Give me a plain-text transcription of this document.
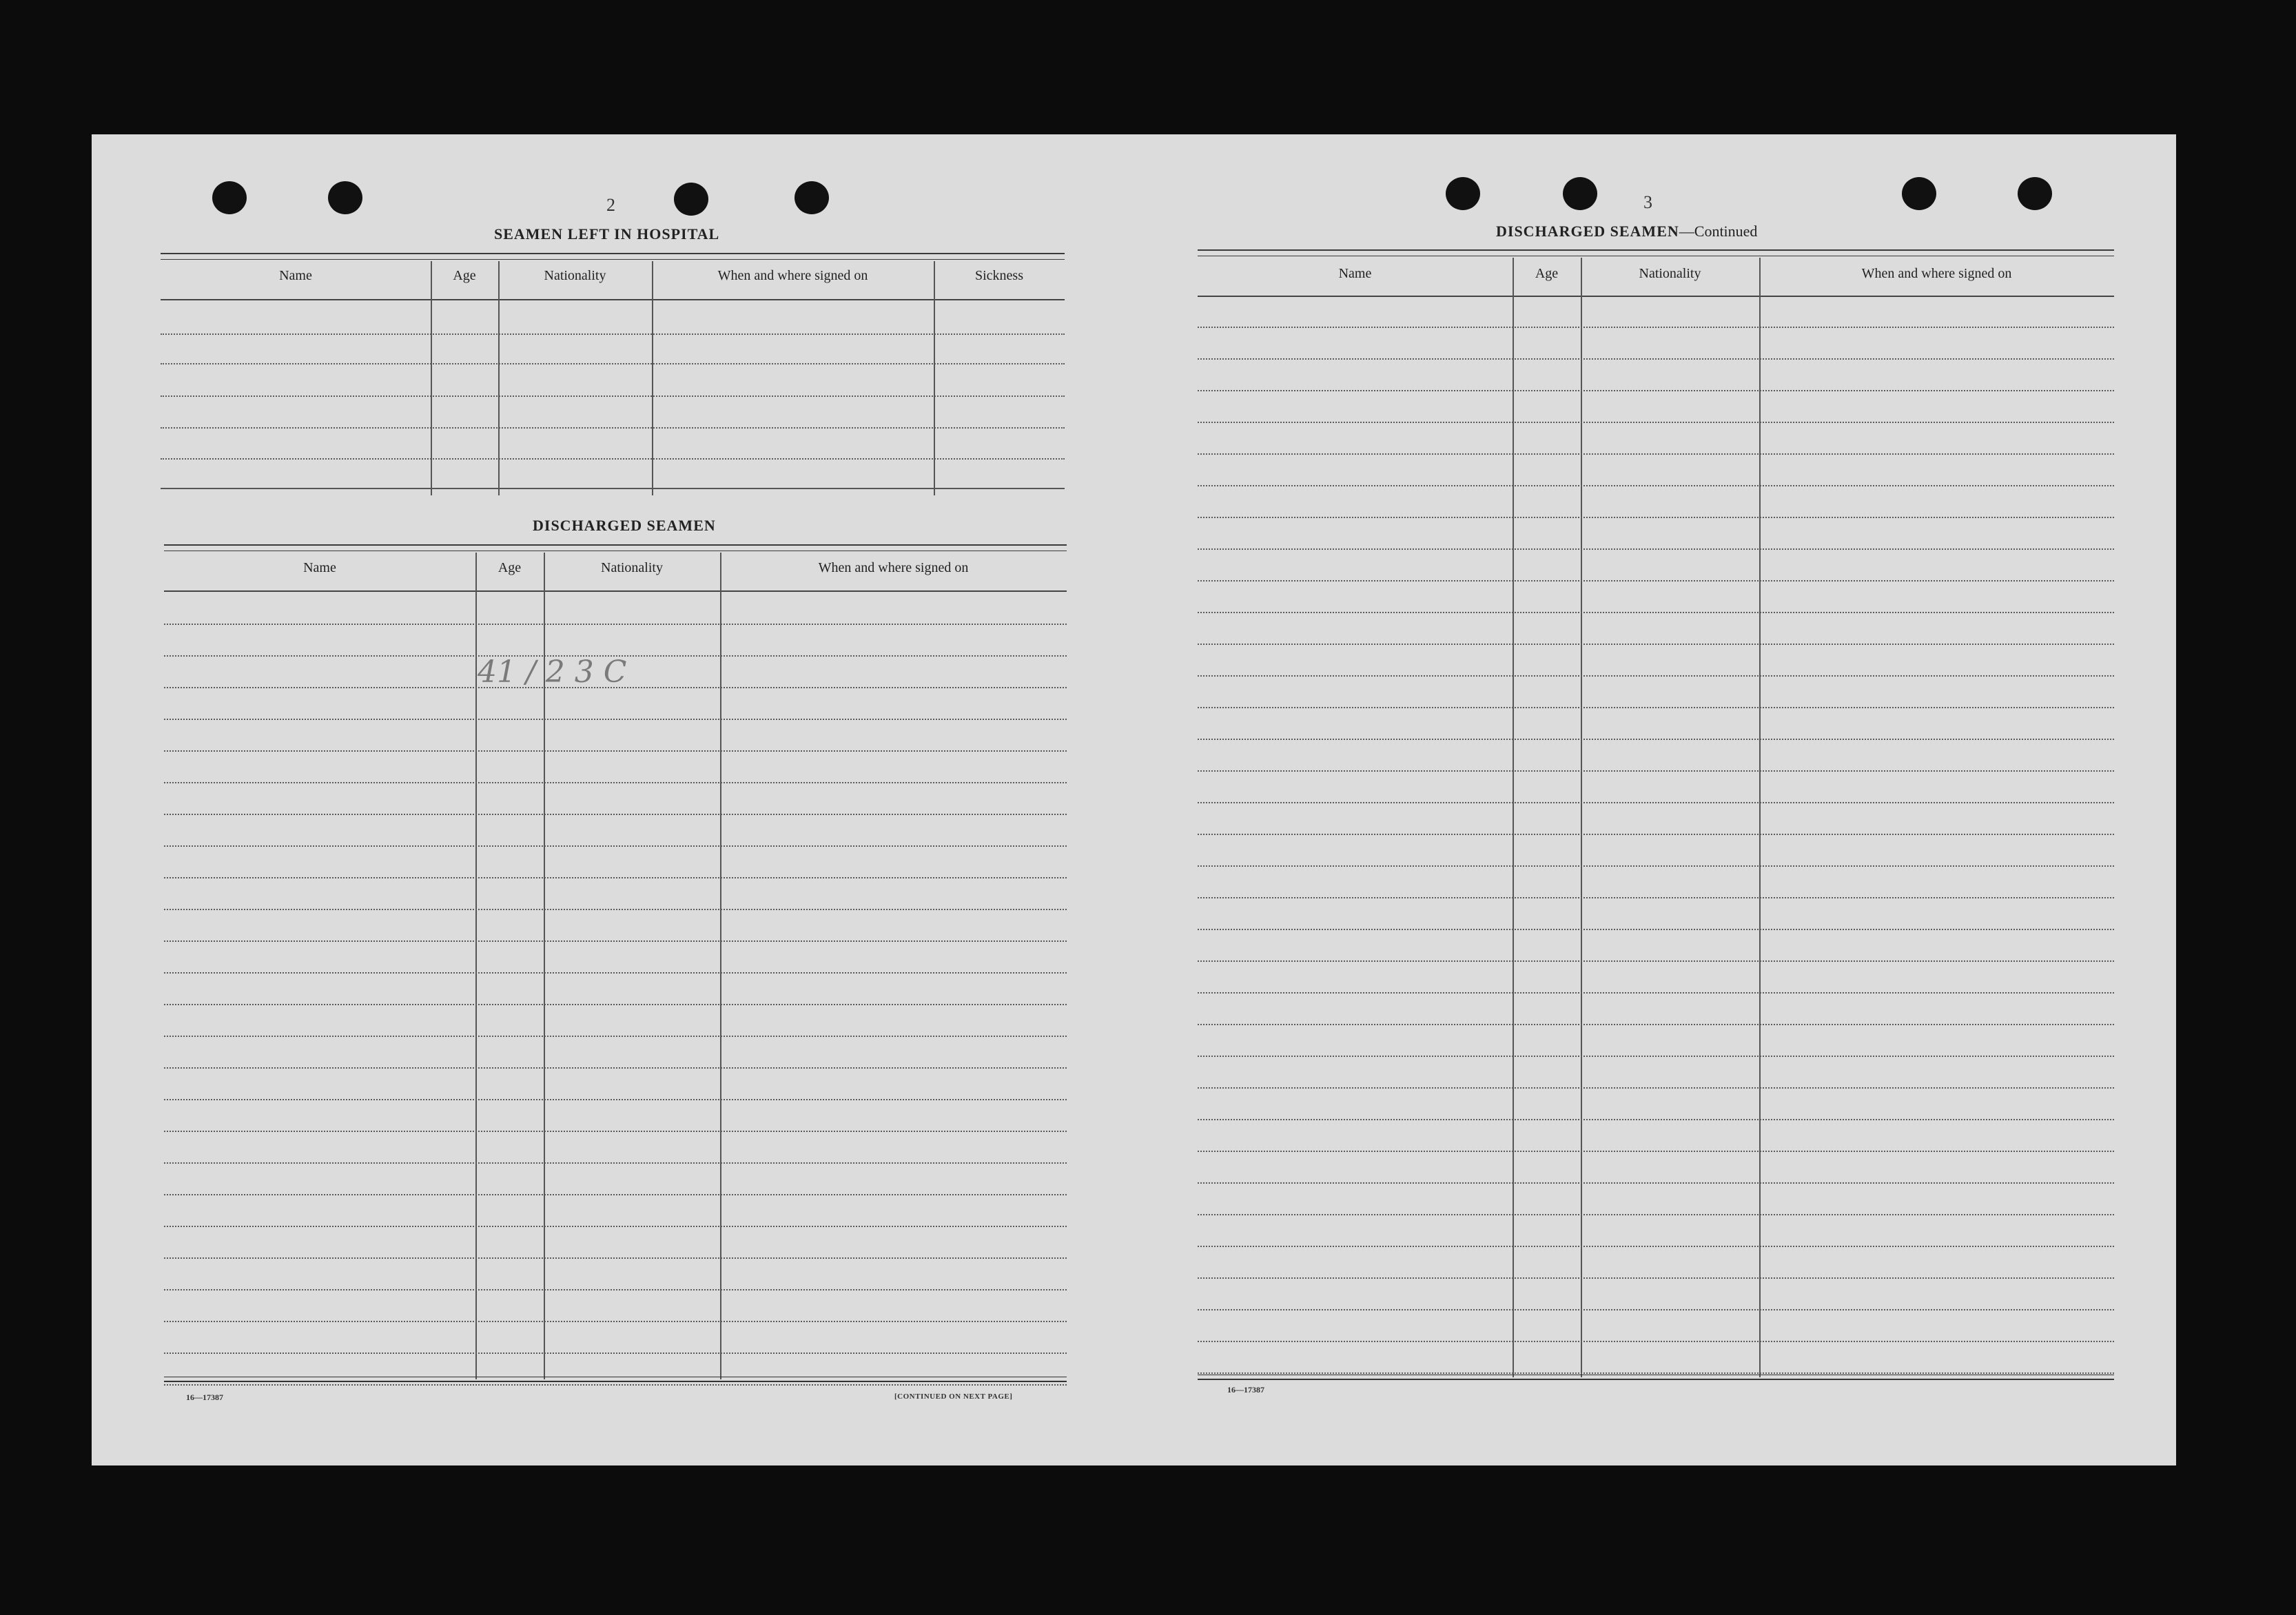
2
SEAMEN LEFT IN HOSPITAL
Name	Age	Nationality	When and where signed on	Sickness
DISCHARGED SEAMEN
Name	Age	Nationality	When and where signed on
41 / 2 3 C
16—17387	[CONTINUED ON NEXT PAGE]
3
DISCHARGED SEAMEN—Continued
Name	Age	Nationality	When and where signed on
16—17387
